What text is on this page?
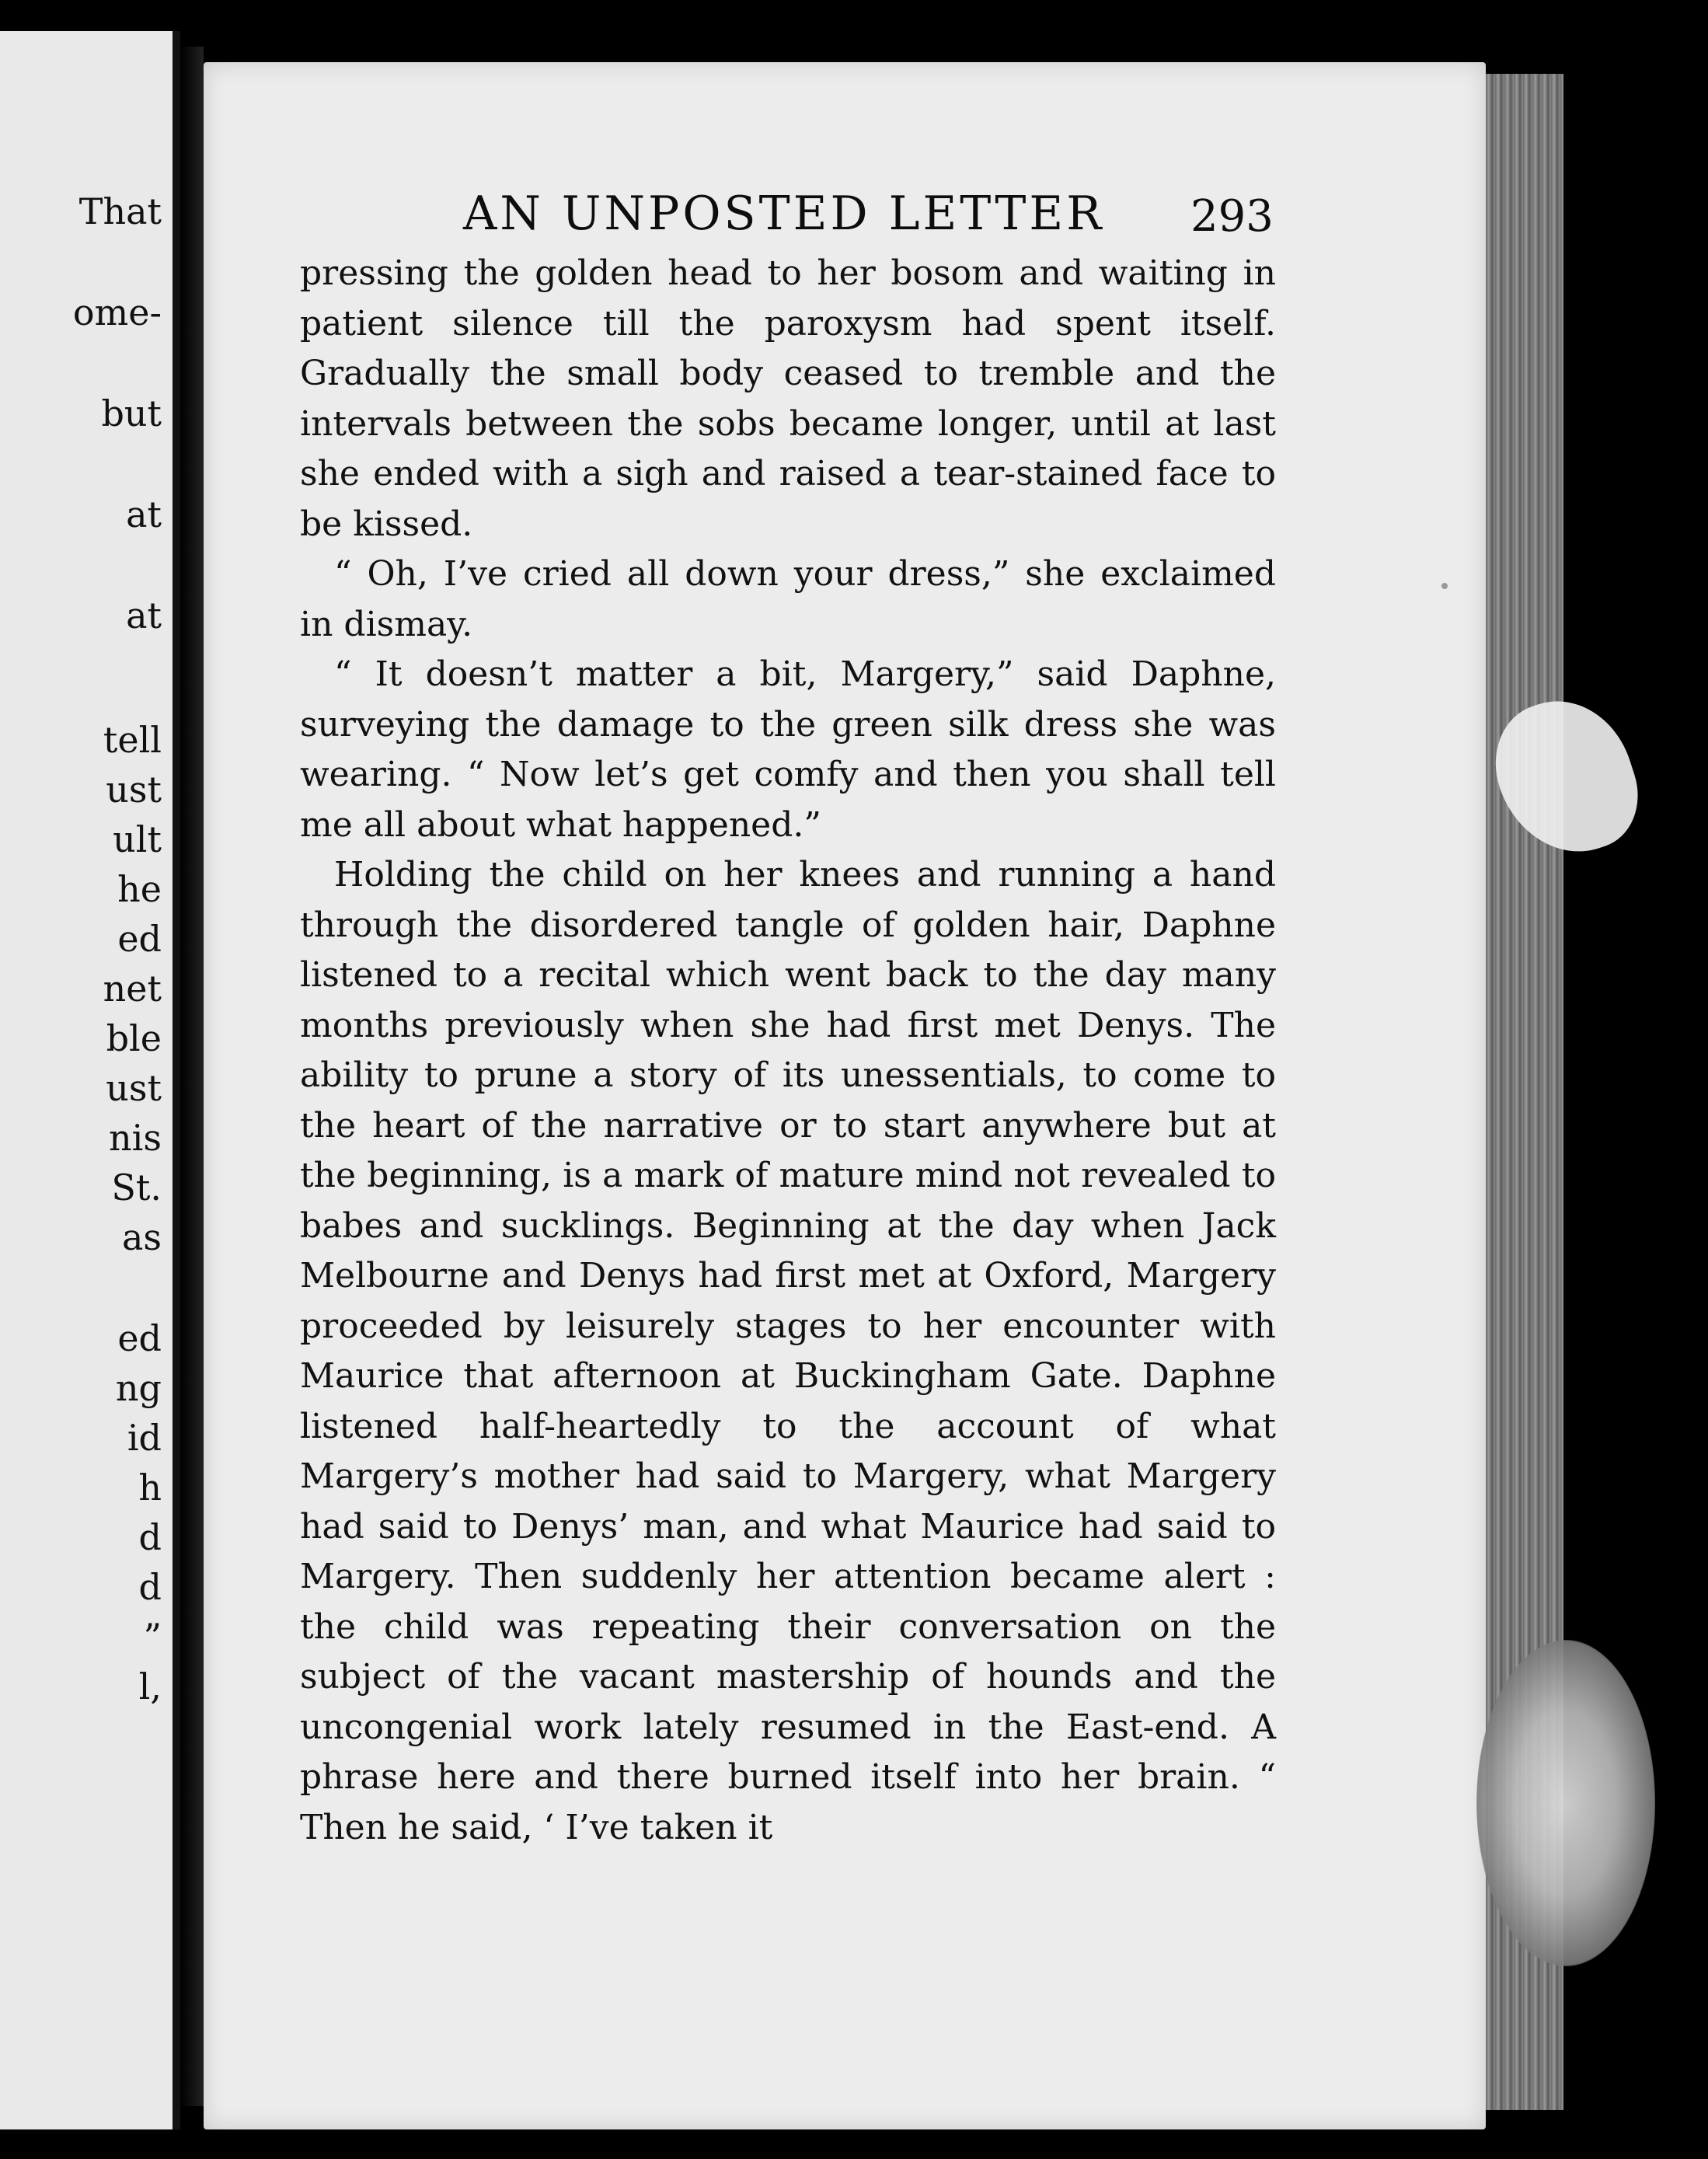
That
ome-
but
at
at
tell
ust
ult
he
ed
net
ble
ust
nis
St.
as
ed
ng
id
h
d
d
”
l,
AN UNPOSTED LETTER 293

pressing the golden head to her bosom and waiting in patient silence till the paroxysm had spent itself. Gradually the small body ceased to tremble and the intervals between the sobs became longer, until at last she ended with a sigh and raised a tear-stained face to be kissed.

“ Oh, I’ve cried all down your dress,” she exclaimed in dismay.

“ It doesn’t matter a bit, Margery,” said Daphne, surveying the damage to the green silk dress she was wearing. “ Now let’s get comfy and then you shall tell me all about what happened.”

Holding the child on her knees and running a hand through the disordered tangle of golden hair, Daphne listened to a recital which went back to the day many months previously when she had first met Denys. The ability to prune a story of its unessentials, to come to the heart of the narrative or to start anywhere but at the beginning, is a mark of mature mind not revealed to babes and sucklings. Beginning at the day when Jack Melbourne and Denys had first met at Oxford, Margery proceeded by leisurely stages to her encounter with Maurice that afternoon at Buckingham Gate. Daphne listened half-heartedly to the account of what Margery’s mother had said to Margery, what Margery had said to Denys’ man, and what Maurice had said to Margery. Then suddenly her attention became alert : the child was repeating their conversation on the subject of the vacant mastership of hounds and the uncongenial work lately resumed in the East-end. A phrase here and there burned itself into her brain. “ Then he said, ‘ I’ve taken it
